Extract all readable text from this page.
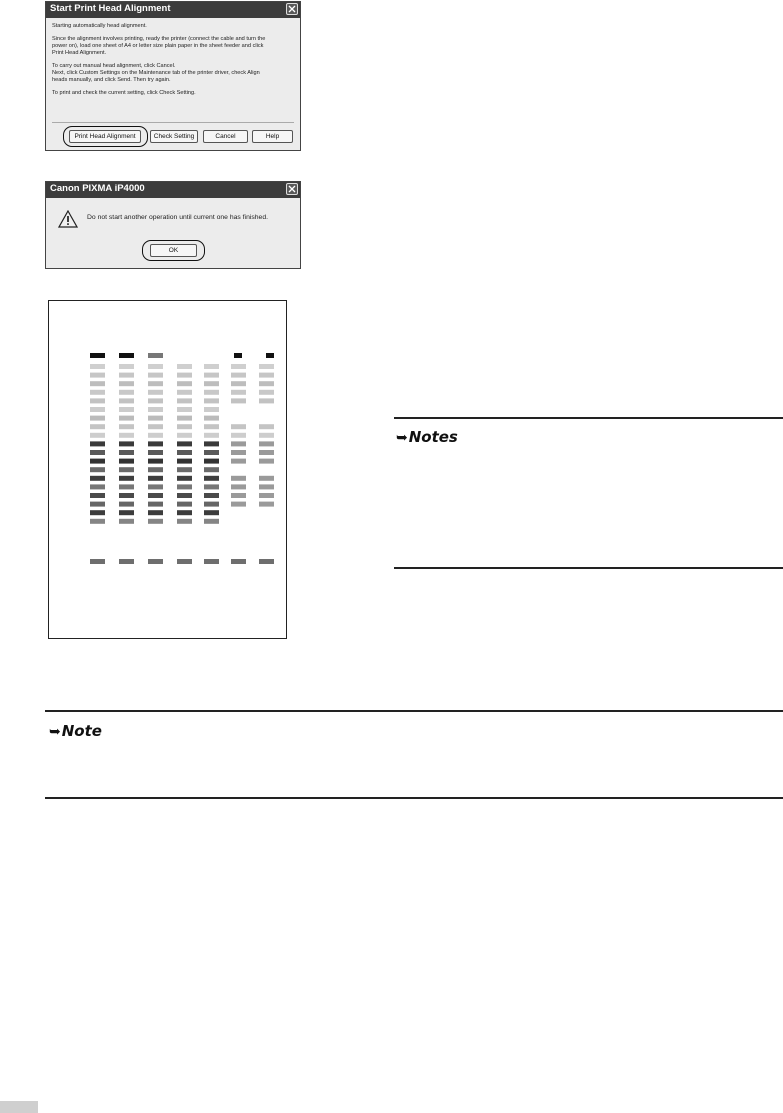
Start Print Head Alignment
Starting automatically head alignment.
Since the alignment involves printing, ready the printer (connect the cable and turn the
power on), load one sheet of A4 or letter size plain paper in the sheet feeder and click
Print Head Alignment.
To carry out manual head alignment, click Cancel.
Next, click Custom Settings on the Maintenance tab of the printer driver, check Align
heads manually, and click Send. Then try again.
To print and check the current setting, click Check Setting.
Print Head Alignment	Check Setting	Cancel	Help
Canon PIXMA iP4000
Do not start another operation until current one has finished.
OK
➥Notes
➥Note
